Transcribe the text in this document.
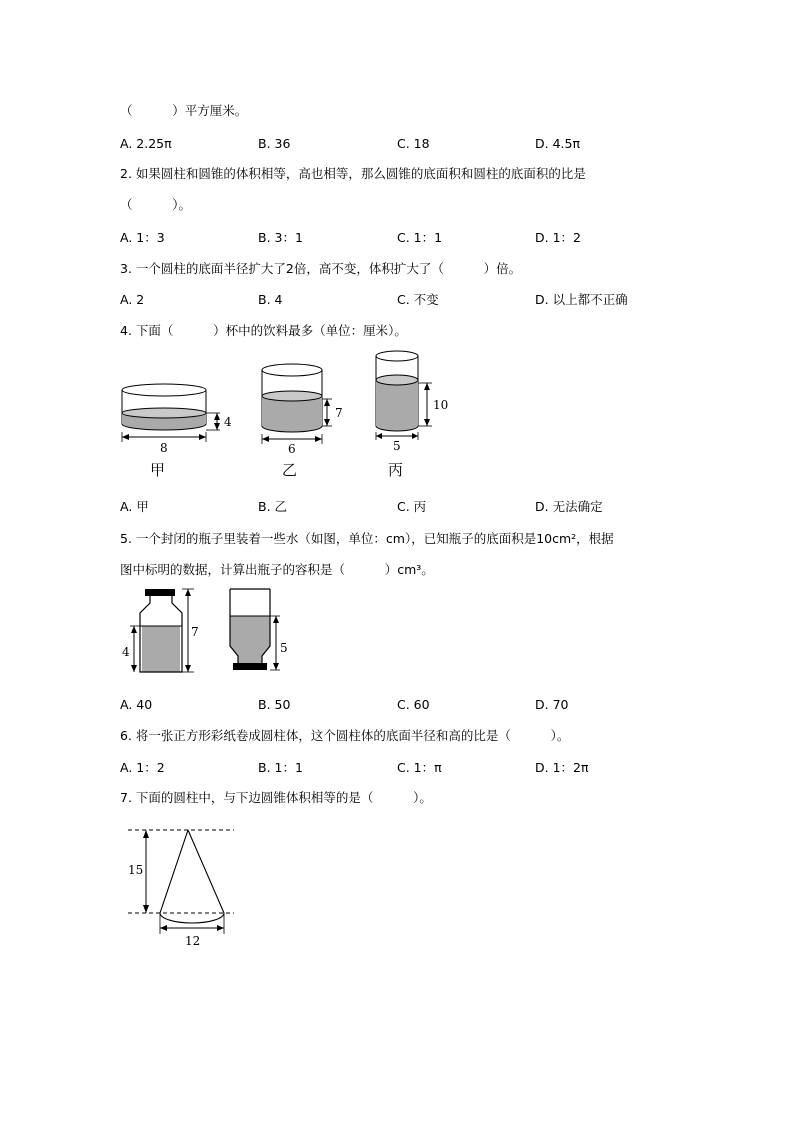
（          ）平方厘米。
A. 2.25π	B. 36	C. 18	D. 4.5π
2. 如果圆柱和圆锥的体积相等，高也相等，那么圆锥的底面积和圆柱的底面积的比是
（          ）。
A. 1：3	B. 3：1	C. 1：1	D. 1：2
3. 一个圆柱的底面半径扩大了2倍，高不变，体积扩大了（          ）倍。
A. 2	B. 4	C. 不变	D. 以上都不正确
4. 下面（          ）杯中的饮料最多（单位：厘米）。
4
8
甲
7
6
乙
10
5
丙
A. 甲	B. 乙	C. 丙	D. 无法确定
5. 一个封闭的瓶子里装着一些水（如图，单位：cm），已知瓶子的底面积是10cm²，根据
图中标明的数据，计算出瓶子的容积是（          ）cm³。
4
7
5
A. 40	B. 50	C. 60	D. 70
6. 将一张正方形彩纸卷成圆柱体，这个圆柱体的底面半径和高的比是（          ）。
A. 1：2	B. 1：1	C. 1：π	D. 1：2π
7. 下面的圆柱中，与下边圆锥体积相等的是（          ）。
15
12
